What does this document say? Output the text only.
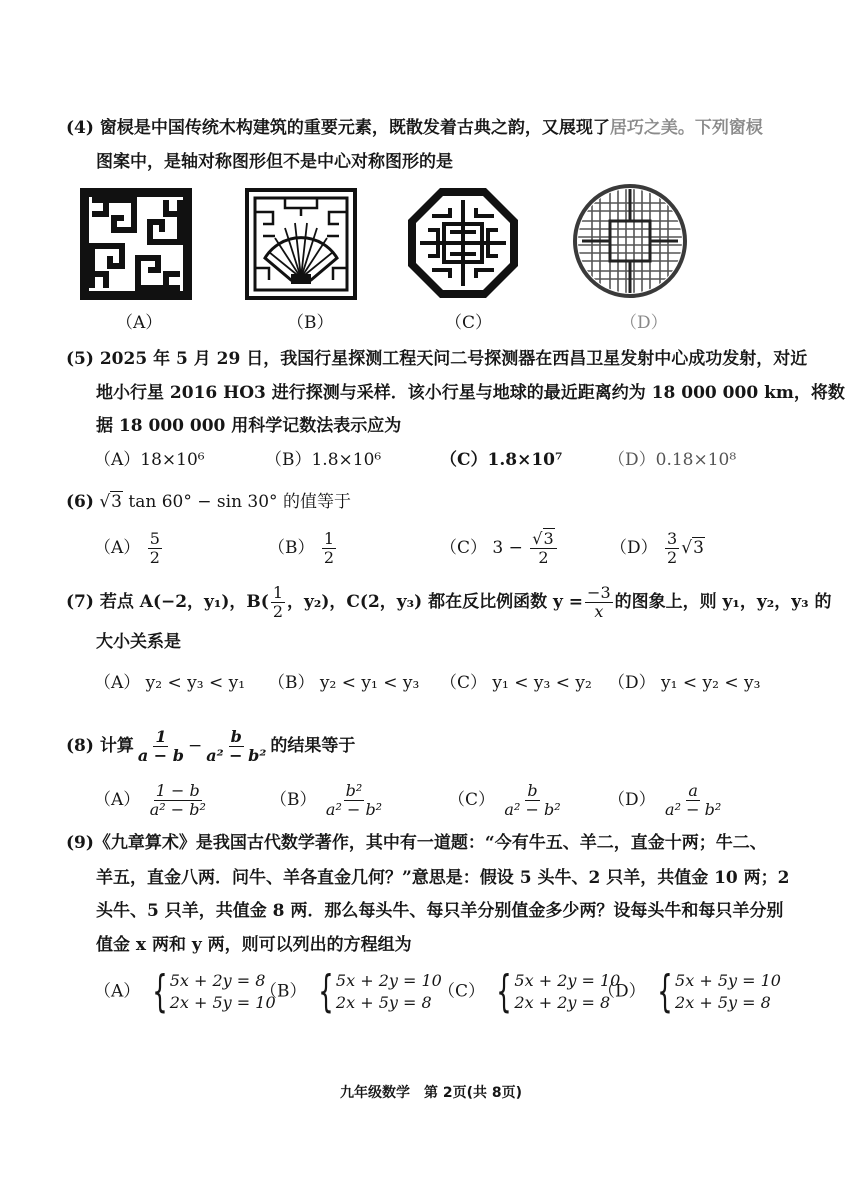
(4) 窗棂是中国传统木构建筑的重要元素，既散发着古典之韵，又展现了居巧之美。下列窗棂
图案中，是轴对称图形但不是中心对称图形的是
（A）	（B）	（C）	（D）
(5) 2025 年 5 月 29 日，我国行星探测工程天问二号探测器在西昌卫星发射中心成功发射，对近
地小行星 2016 HO3 进行探测与采样．该小行星与地球的最近距离约为 18 000 000 km，将数
据 18 000 000 用科学记数法表示应为
（A）18×10⁶	（B）1.8×10⁶	（C）1.8×10⁷	（D）0.18×10⁸
(6) √3 tan 60° − sin 30° 的值等于
$(A) \frac{5}{2}$	$(B) \frac{1}{2}$	（C） $3 - \frac{√3}{2}$	$(D) \frac{3}{2} √3$
(7) 若点 A(−2，y₁)，$B( \frac{1}{2}$ ，y₂)，C(2，y₃) 都在反比例函数 $y = \frac{-3}{x}$ 的图象上，则 y₁，y₂，y₃ 的
大小关系是
（A） y₂ < y₃ < y₁ （B） y₂ < y₁ < y₃ （C） y₁ < y₃ < y₂ （D） y₁ < y₂ < y₃
(8) 计算 $\frac{1}{a - b} - \frac{b}{\text{a² − b²}}$ 的结果等于
$(A) \frac{1 - b}{\text{a² − b²}}$	$(B) \frac{\text{b²}}{\text{a² − b²}}$	$(C) \frac{b}{\text{a² − b²}}$	$(D) \frac{a}{\text{a² − b²}}$
(9)《九章算术》是我国古代数学著作，其中有一道题：“今有牛五、羊二，直金十两；牛二、
羊五，直金八两．问牛、羊各直金几何？”意思是：假设 5 头牛、2 只羊，共值金 10 两；2
头牛、5 只羊，共值金 8 两．那么每头牛、每只羊分别值金多少两？设每头牛和每只羊分别
值金 x 两和 y 两，则可以列出的方程组为
（A） { 5x + 2y = 8
2x + 5y = 10
（B） { 5x + 2y = 10
2x + 5y = 8
（C） { 5x + 2y = 10
2x + 2y = 8
（D） { 5x + 5y = 10
2x + 5y = 8
九年级数学　第 2页(共 8页)
